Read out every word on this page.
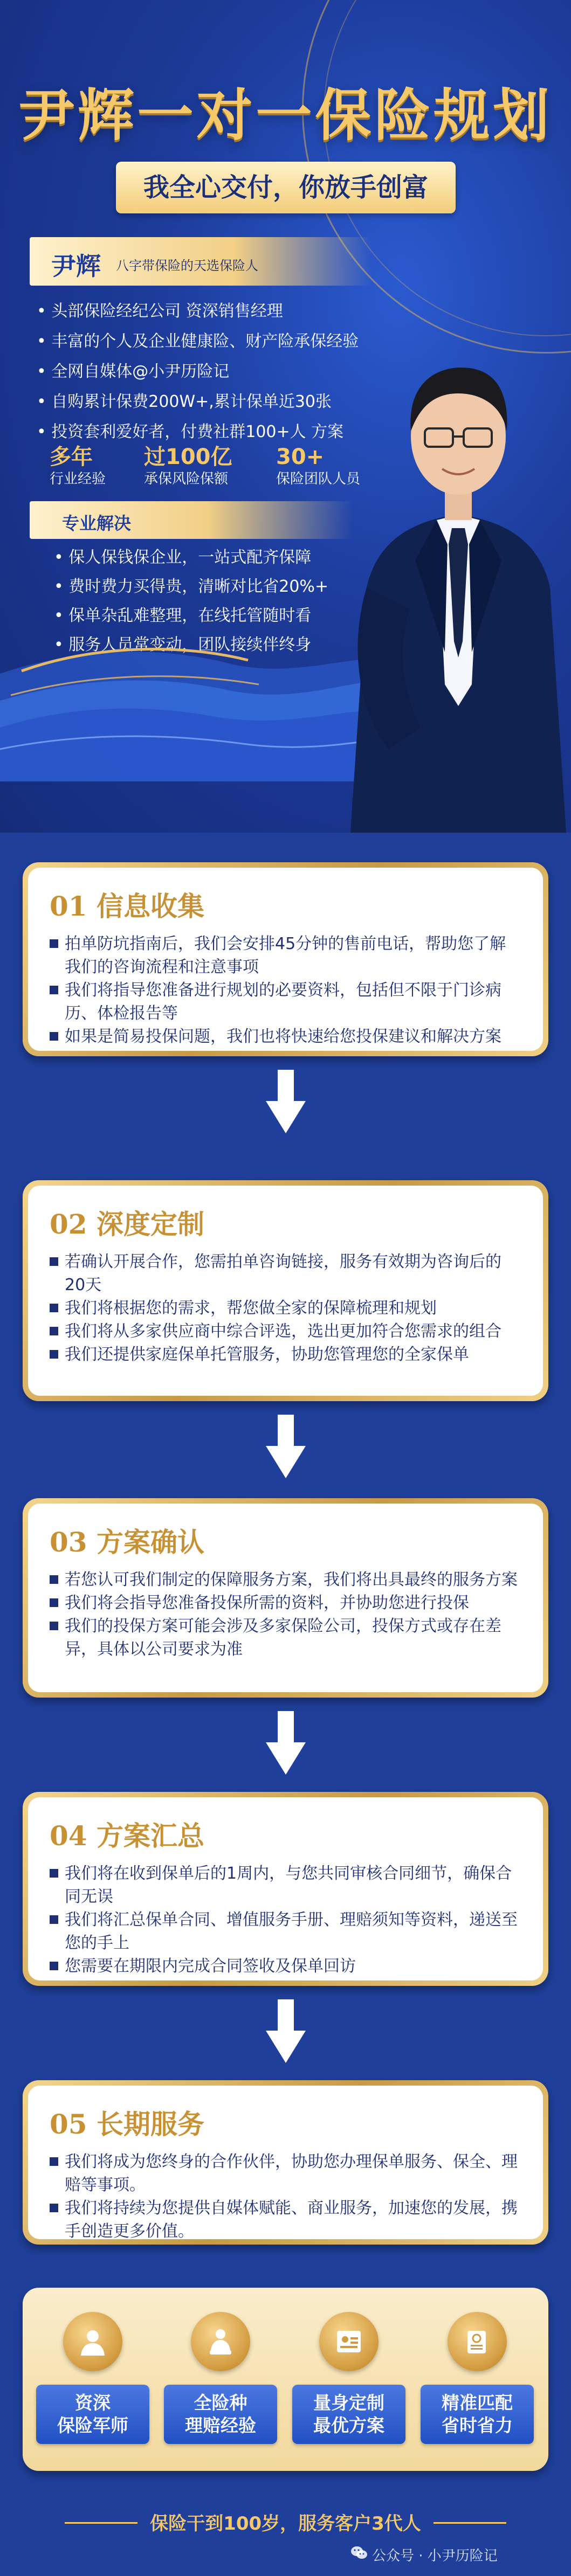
尹辉一对一保险规划
我全心交付，你放手创富
尹辉 八字带保险的天选保险人
• 头部保险经纪公司 资深销售经理
• 丰富的个人及企业健康险、财产险承保经验
• 全网自媒体@小尹历险记
• 自购累计保费200W+,累计保单近30张
• 投资套利爱好者，付费社群100+人 方案
多年
行业经验
过100亿
承保风险保额
30+
保险团队人员
专业解决
• 保人保钱保企业，一站式配齐保障
• 费时费力买得贵，清晰对比省20%+
• 保单杂乱难整理，在线托管随时看
• 服务人员常变动，团队接续伴终身
01 信息收集
拍单防坑指南后，我们会安排45分钟的售前电话，帮助您了解我们的咨询流程和注意事项
我们将指导您准备进行规划的必要资料，包括但不限于门诊病历、体检报告等
如果是简易投保问题，我们也将快速给您投保建议和解决方案
02 深度定制
若确认开展合作，您需拍单咨询链接，服务有效期为咨询后的20天
我们将根据您的需求，帮您做全家的保障梳理和规划
我们将从多家供应商中综合评选，选出更加符合您需求的组合
我们还提供家庭保单托管服务，协助您管理您的全家保单
03 方案确认
若您认可我们制定的保障服务方案，我们将出具最终的服务方案
我们将会指导您准备投保所需的资料，并协助您进行投保
我们的投保方案可能会涉及多家保险公司，投保方式或存在差异，具体以公司要求为准
04 方案汇总
我们将在收到保单后的1周内，与您共同审核合同细节，确保合同无误
我们将汇总保单合同、增值服务手册、理赔须知等资料，递送至您的手上
您需要在期限内完成合同签收及保单回访
05 长期服务
我们将成为您终身的合作伙伴，协助您办理保单服务、保全、理赔等事项。
我们将持续为您提供自媒体赋能、商业服务，加速您的发展，携手创造更多价值。
资深
保险军师
全险种
理赔经验
量身定制
最优方案
精准匹配
省时省力
保险干到100岁，服务客户3代人
公众号 · 小尹历险记
